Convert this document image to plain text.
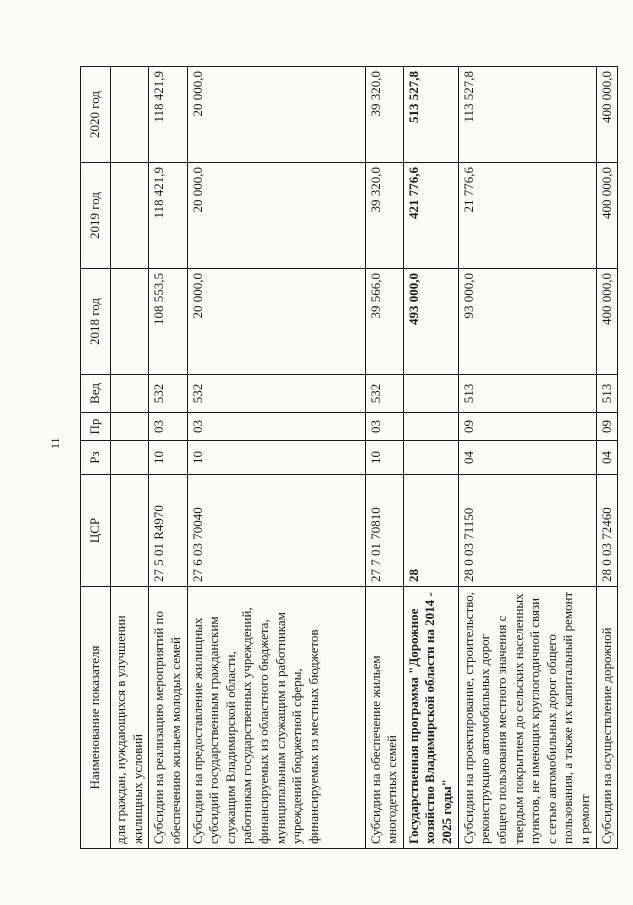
11
Наименование показателя	ЦСР	Рз	Пр	Вед	2018 год	2019 год	2020 год
для граждан, нуждающихся в улучшении жилищных условий							
Субсидии на реализацию мероприятий по обеспечению жильем молодых семей	27 5 01 R4970	10	03	532	108 553,5	118 421,9	118 421,9
Субсидии на предоставление жилищных субсидий государственным гражданским служащим Владимирской области, работникам государственных учреждений, финансируемых из областного бюджета, муниципальным служащим и работникам учреждений бюджетной сферы, финансируемых из местных бюджетов	27 6 03 70040	10	03	532	20 000,0	20 000,0	20 000,0
Субсидии на обеспечение жильем многодетных семей	27 7 01 70810	10	03	532	39 566,0	39 320,0	39 320,0
Государственная программа "Дорожное хозяйство Владимирской области на 2014 - 2025 годы"	28				493 000,0	421 776,6	513 527,8
Субсидии на проектирование, строительство, реконструкцию автомобильных дорог общего пользования местного значения с твердым покрытием до сельских населенных пунктов, не имеющих круглогодичной связи с сетью автомобильных дорог общего пользования, а также их капитальный ремонт и ремонт	28 0 03 71150	04	09	513	93 000,0	21 776,6	113 527,8
Субсидии на осуществление дорожной	28 0 03 72460	04	09	513	400 000,0	400 000,0	400 000,0
